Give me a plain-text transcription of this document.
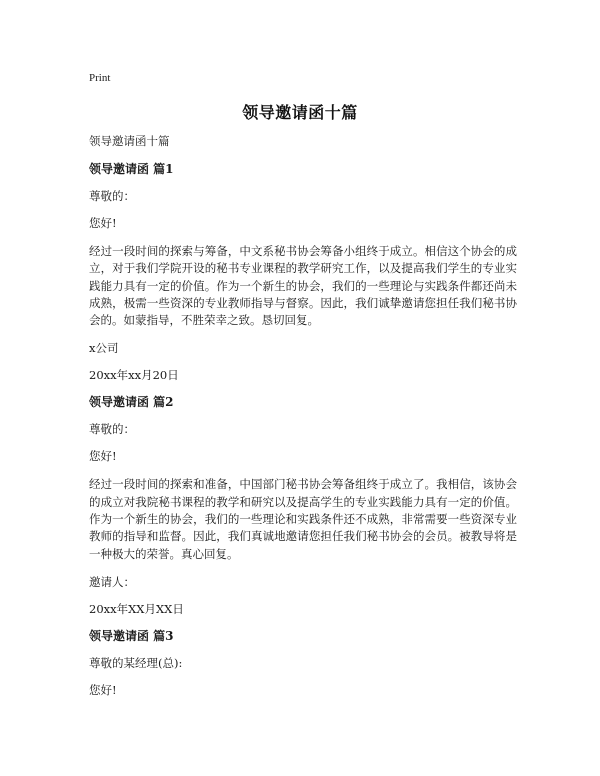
Print
领导邀请函十篇

领导邀请函十篇

领导邀请函 篇1

尊敬的：

您好!

经过一段时间的探索与筹备，中文系秘书协会筹备小组终于成立。相信这个协会的成立，对于我们学院开设的秘书专业课程的教学研究工作，以及提高我们学生的专业实践能力具有一定的价值。作为一个新生的协会，我们的一些理论与实践条件都还尚未成熟，极需一些资深的专业教师指导与督察。因此，我们诚挚邀请您担任我们秘书协会的。如蒙指导，不胜荣幸之致。恳切回复。

x公司

20xx年xx月20日

领导邀请函 篇2

尊敬的：

您好!

经过一段时间的探索和准备，中国部门秘书协会筹备组终于成立了。我相信，该协会的成立对我院秘书课程的教学和研究以及提高学生的专业实践能力具有一定的价值。作为一个新生的协会，我们的一些理论和实践条件还不成熟，非常需要一些资深专业教师的指导和监督。因此，我们真诚地邀请您担任我们秘书协会的会员。被教导将是一种极大的荣誉。真心回复。

邀请人：

20xx年XX月XX日

领导邀请函 篇3

尊敬的某经理(总):

您好!
